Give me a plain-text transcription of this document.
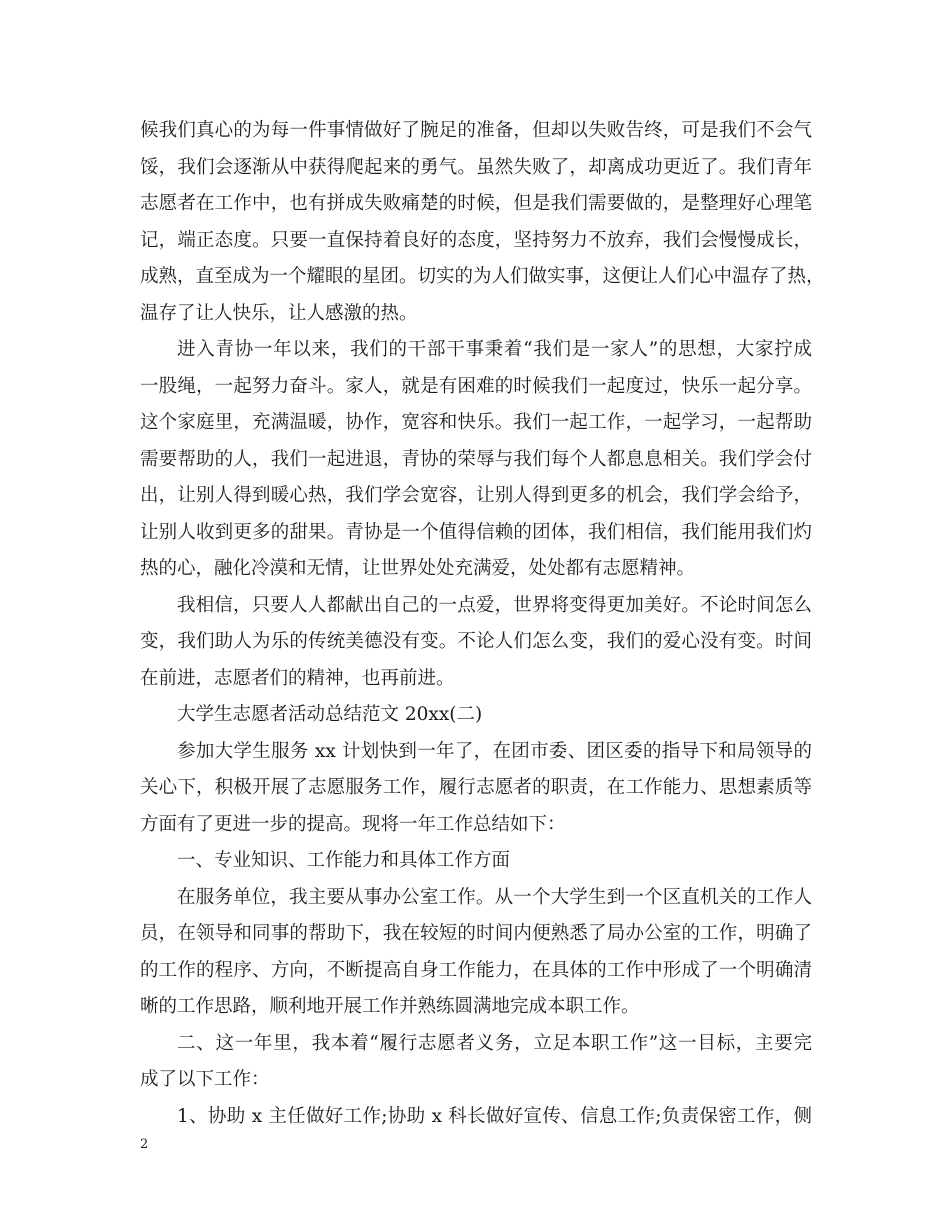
候我们真心的为每一件事情做好了腕足的准备，但却以失败告终，可是我们不会气
馁，我们会逐渐从中获得爬起来的勇气。虽然失败了，却离成功更近了。我们青年
志愿者在工作中，也有拼成失败痛楚的时候，但是我们需要做的，是整理好心理笔
记，端正态度。只要一直保持着良好的态度，坚持努力不放弃，我们会慢慢成长，
成熟，直至成为一个耀眼的星团。切实的为人们做实事，这便让人们心中温存了热，
温存了让人快乐，让人感激的热。
进入青协一年以来，我们的干部干事秉着“我们是一家人”的思想，大家拧成
一股绳，一起努力奋斗。家人，就是有困难的时候我们一起度过，快乐一起分享。
这个家庭里，充满温暖，协作，宽容和快乐。我们一起工作，一起学习，一起帮助
需要帮助的人，我们一起进退，青协的荣辱与我们每个人都息息相关。我们学会付
出，让别人得到暖心热，我们学会宽容，让别人得到更多的机会，我们学会给予，
让别人收到更多的甜果。青协是一个值得信赖的团体，我们相信，我们能用我们灼
热的心，融化冷漠和无情，让世界处处充满爱，处处都有志愿精神。
我相信，只要人人都献出自己的一点爱，世界将变得更加美好。不论时间怎么
变，我们助人为乐的传统美德没有变。不论人们怎么变，我们的爱心没有变。时间
在前进，志愿者们的精神，也再前进。
大学生志愿者活动总结范文 20xx(二)
参加大学生服务 xx 计划快到一年了，在团市委、团区委的指导下和局领导的
关心下，积极开展了志愿服务工作，履行志愿者的职责，在工作能力、思想素质等
方面有了更进一步的提高。现将一年工作总结如下：
一、专业知识、工作能力和具体工作方面
在服务单位，我主要从事办公室工作。从一个大学生到一个区直机关的工作人
员，在领导和同事的帮助下，我在较短的时间内便熟悉了局办公室的工作，明确了
的工作的程序、方向，不断提高自身工作能力，在具体的工作中形成了一个明确清
晰的工作思路，顺利地开展工作并熟练圆满地完成本职工作。
二、这一年里，我本着“履行志愿者义务，立足本职工作”这一目标，主要完
成了以下工作：
1、协助 x 主任做好工作;协助 x 科长做好宣传、信息工作;负责保密工作，侧
2
